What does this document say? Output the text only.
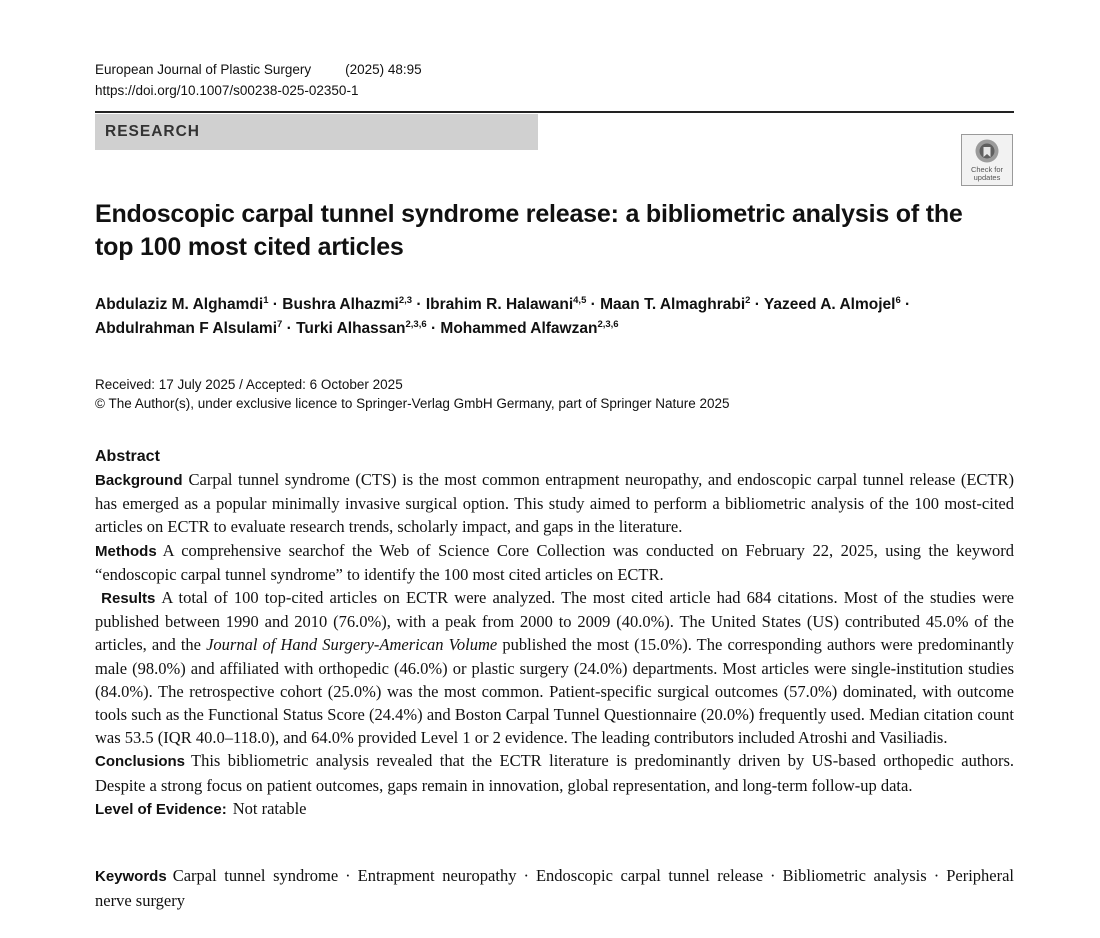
European Journal of Plastic Surgery	(2025) 48:95
https://doi.org/10.1007/s00238-025-02350-1
RESEARCH
Check for
updates
Endoscopic carpal tunnel syndrome release: a bibliometric analysis of the top 100 most cited articles
Abdulaziz M. Alghamdi$^1$ · Bushra Alhazmi$^{2,3}$ · Ibrahim R. Halawani$^{4,5}$ · Maan T. Almaghrabi$^2$ · Yazeed A. Almojel$^6$ ·
Abdulrahman F Alsulami$^7$ · Turki Alhassan$^{2,3,6}$ · Mohammed Alfawzan$^{2,3,6}$
Received: 17 July 2025 / Accepted: 6 October 2025
© The Author(s), under exclusive licence to Springer-Verlag GmbH Germany, part of Springer Nature 2025
Abstract
Background Carpal tunnel syndrome (CTS) is the most common entrapment neuropathy, and endoscopic carpal tunnel release (ECTR) has emerged as a popular minimally invasive surgical option. This study aimed to perform a bibliometric analysis of the 100 most-cited articles on ECTR to evaluate research trends, scholarly impact, and gaps in the literature.
Methods A comprehensive searchof the Web of Science Core Collection was conducted on February 22, 2025, using the keyword “endoscopic carpal tunnel syndrome” to identify the 100 most cited articles on ECTR.
Results A total of 100 top-cited articles on ECTR were analyzed. The most cited article had 684 citations. Most of the studies were published between 1990 and 2010 (76.0%), with a peak from 2000 to 2009 (40.0%). The United States (US) contributed 45.0% of the articles, and the Journal of Hand Surgery-American Volume published the most (15.0%). The corresponding authors were predominantly male (98.0%) and affiliated with orthopedic (46.0%) or plastic surgery (24.0%) departments. Most articles were single-institution studies (84.0%). The retrospective cohort (25.0%) was the most common. Patient-specific surgical outcomes (57.0%) dominated, with outcome tools such as the Functional Status Score (24.4%) and Boston Carpal Tunnel Questionnaire (20.0%) frequently used. Median citation count was 53.5 (IQR 40.0–118.0), and 64.0% provided Level 1 or 2 evidence. The leading contributors included Atroshi and Vasiliadis.
Conclusions This bibliometric analysis revealed that the ECTR literature is predominantly driven by US-based orthopedic authors. Despite a strong focus on patient outcomes, gaps remain in innovation, global representation, and long-term follow-up data.
Level of Evidence: Not ratable
Keywords Carpal tunnel syndrome · Entrapment neuropathy · Endoscopic carpal tunnel release · Bibliometric analysis · Peripheral nerve surgery
